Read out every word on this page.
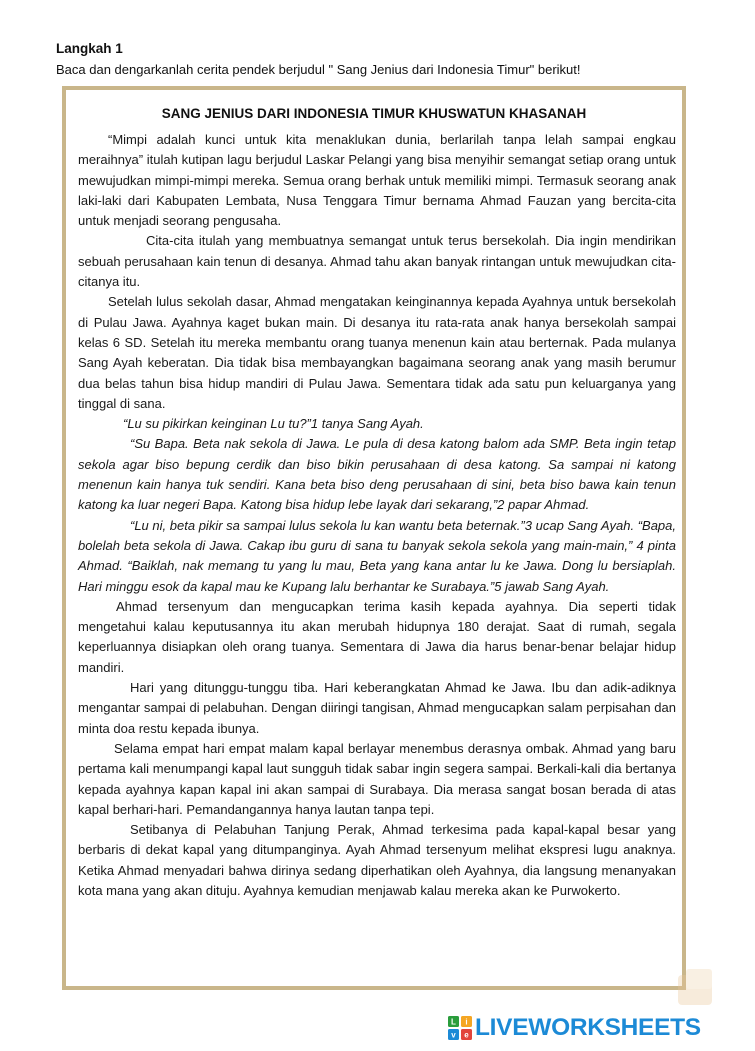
Langkah 1
Baca dan dengarkanlah cerita pendek berjudul " Sang Jenius dari Indonesia Timur" berikut!
SANG JENIUS DARI INDONESIA TIMUR KHUSWATUN KHASANAH

“Mimpi adalah kunci untuk kita menaklukan dunia, berlarilah tanpa lelah sampai engkau meraihnya” itulah kutipan lagu berjudul Laskar Pelangi yang bisa menyihir semangat setiap orang untuk mewujudkan mimpi-mimpi mereka. Semua orang berhak untuk memiliki mimpi. Termasuk seorang anak laki-laki dari Kabupaten Lembata, Nusa Tenggara Timur bernama Ahmad Fauzan yang bercita-cita untuk menjadi seorang pengusaha.

Cita-cita itulah yang membuatnya semangat untuk terus bersekolah. Dia ingin mendirikan sebuah perusahaan kain tenun di desanya. Ahmad tahu akan banyak rintangan untuk mewujudkan cita-citanya itu.

Setelah lulus sekolah dasar, Ahmad mengatakan keinginannya kepada Ayahnya untuk bersekolah di Pulau Jawa. Ayahnya kaget bukan main. Di desanya itu rata-rata anak hanya bersekolah sampai kelas 6 SD. Setelah itu mereka membantu orang tuanya menenun kain atau berternak. Pada mulanya Sang Ayah keberatan. Dia tidak bisa membayangkan bagaimana seorang anak yang masih berumur dua belas tahun bisa hidup mandiri di Pulau Jawa. Sementara tidak ada satu pun keluarganya yang tinggal di sana.

“Lu su pikirkan keinginan Lu tu?”1 tanya Sang Ayah.

“Su Bapa. Beta nak sekola di Jawa. Le pula di desa katong balom ada SMP. Beta ingin tetap sekola agar biso bepung cerdik dan biso bikin perusahaan di desa katong. Sa sampai ni katong menenun kain hanya tuk sendiri. Kana beta biso deng perusahaan di sini, beta biso bawa kain tenun katong ka luar negeri Bapa. Katong bisa hidup lebe layak dari sekarang,”2 papar Ahmad.

“Lu ni, beta pikir sa sampai lulus sekola lu kan wantu beta beternak.”3 ucap Sang Ayah. “Bapa, bolelah beta sekola di Jawa. Cakap ibu guru di sana tu banyak sekola sekola yang main-main,” 4 pinta Ahmad. “Baiklah, nak memang tu yang lu mau, Beta yang kana antar lu ke Jawa. Dong lu bersiaplah. Hari minggu esok da kapal mau ke Kupang lalu berhantar ke Surabaya.”5 jawab Sang Ayah.

Ahmad tersenyum dan mengucapkan terima kasih kepada ayahnya. Dia seperti tidak mengetahui kalau keputusannya itu akan merubah hidupnya 180 derajat. Saat di rumah, segala keperluannya disiapkan oleh orang tuanya. Sementara di Jawa dia harus benar-benar belajar hidup mandiri.

Hari yang ditunggu-tunggu tiba. Hari keberangkatan Ahmad ke Jawa. Ibu dan adik-adiknya mengantar sampai di pelabuhan. Dengan diiringi tangisan, Ahmad mengucapkan salam perpisahan dan minta doa restu kepada ibunya.

Selama empat hari empat malam kapal berlayar menembus derasnya ombak. Ahmad yang baru pertama kali menumpangi kapal laut sungguh tidak sabar ingin segera sampai. Berkali-kali dia bertanya kepada ayahnya kapan kapal ini akan sampai di Surabaya. Dia merasa sangat bosan berada di atas kapal berhari-hari. Pemandangannya hanya lautan tanpa tepi.

Setibanya di Pelabuhan Tanjung Perak, Ahmad terkesima pada kapal-kapal besar yang berbaris di dekat kapal yang ditumpanginya. Ayah Ahmad tersenyum melihat ekspresi lugu anaknya. Ketika Ahmad menyadari bahwa dirinya sedang diperhatikan oleh Ayahnya, dia langsung menanyakan kota mana yang akan dituju. Ayahnya kemudian menjawab kalau mereka akan ke Purwokerto.

L i
v e LIVEWORKSHEETS
